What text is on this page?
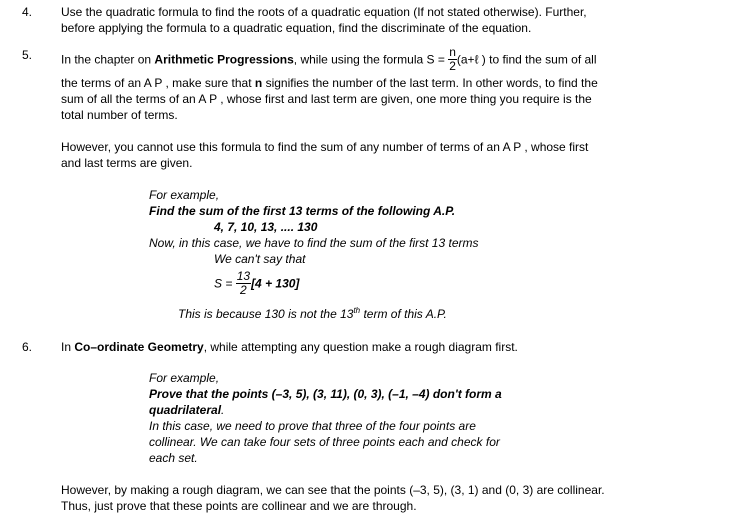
4. Use the quadratic formula to find the roots of a quadratic equation (If not stated otherwise). Further,
before applying the formula to a quadratic equation, find the discriminate of the equation.
5. In the chapter on Arithmetic Progressions, while using the formula $S = \frac{n}{2}$ (a+ℓ ) to find the sum of all
the terms of an A P , make sure that n signifies the number of the last term. In other words, to find the
sum of all the terms of an A P , whose first and last term are given, one more thing you require is the
total number of terms.
However, you cannot use this formula to find the sum of any number of terms of an A P , whose first
and last terms are given.
For example,
Find the sum of the first 13 terms of the following A.P.
4, 7, 10, 13, .... 130
Now, in this case, we have to find the sum of the first 13 terms
We can't say that
$S = \frac{13}{2} [4 + 130]$
This is because 130 is not the 13th term of this A.P.
6. In Co–ordinate Geometry, while attempting any question make a rough diagram first.
For example,
Prove that the points (–3, 5), (3, 11), (0, 3), (–1, –4) don't form a
quadrilateral.
In this case, we need to prove that three of the four points are
collinear. We can take four sets of three points each and check for
each set.
However, by making a rough diagram, we can see that the points (–3, 5), (3, 1) and (0, 3) are collinear.
Thus, just prove that these points are collinear and we are through.
